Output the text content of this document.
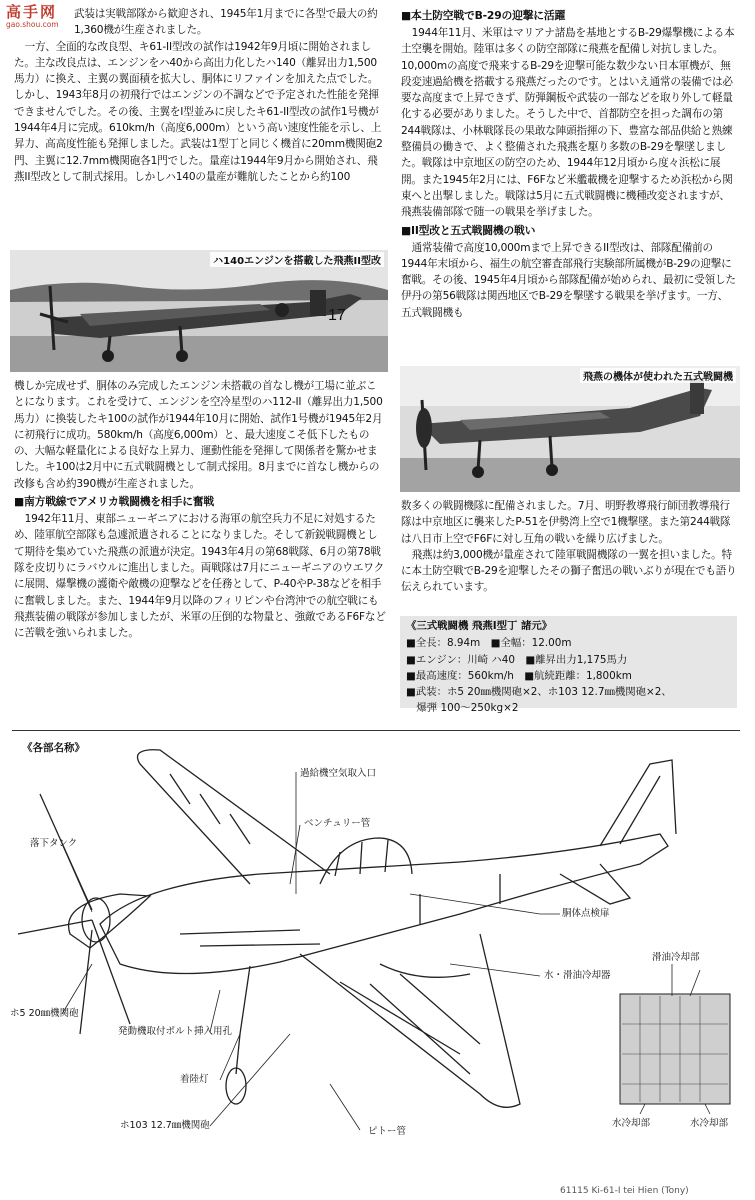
高手网
gao.shou.com

武装は実戦部隊から歓迎され、1945年1月までに各型で最大の約1,360機が生産されました。

一方、全面的な改良型、キ61-II型改の試作は1942年9月頃に開始されました。主な改良点は、エンジンをハ40から高出力化したハ140（離昇出力1,500馬力）に換え、主翼の翼面積を拡大し、胴体にリファインを加えた点でした。しかし、1943年8月の初飛行ではエンジンの不調などで予定された性能を発揮できませんでした。その後、主翼をI型並みに戻したキ61-II型改の試作1号機が1944年4月に完成。610km/h（高度6,000m）という高い速度性能を示し、上昇力、高高度性能も発揮しました。武装は1型丁と同じく機首に20mm機関砲2門、主翼に12.7mm機関砲各1門でした。量産は1944年9月から開始され、飛燕II型改として制式採用。しかしハ140の量産が難航したことから約100

17
ハ140エンジンを搭載した飛燕II型改

機しか完成せず、胴体のみ完成したエンジン未搭載の首なし機が工場に並ぶことになります。これを受けて、エンジンを空冷星型のハ112-II（離昇出力1,500馬力）に換装したキ100の試作が1944年10月に開始、試作1号機が1945年2月に初飛行に成功。580km/h（高度6,000m）と、最大速度こそ低下したものの、大幅な軽量化による良好な上昇力、運動性能を発揮して関係者を驚かせました。キ100は2月中に五式戦闘機として制式採用。8月までに首なし機からの改修も含め約390機が生産されました。

■南方戦線でアメリカ戦闘機を相手に奮戦

1942年11月、東部ニューギニアにおける海軍の航空兵力不足に対処するため、陸軍航空部隊も急遽派遣されることになりました。そして新鋭戦闘機として期待を集めていた飛燕の派遣が決定。1943年4月の第68戦隊、6月の第78戦隊を皮切りにラバウルに進出しました。両戦隊は7月にニューギニアのウエワクに展開、爆撃機の護衛や敵機の迎撃などを任務として、P-40やP-38などを相手に奮戦しました。また、1944年9月以降のフィリピンや台湾沖での航空戦にも飛燕装備の戦隊が参加しましたが、米軍の圧倒的な物量と、強敵であるF6Fなどに苦戦を強いられました。

■本土防空戦でB-29の迎撃に活躍

1944年11月、米軍はマリアナ諸島を基地とするB-29爆撃機による本土空襲を開始。陸軍は多くの防空部隊に飛燕を配備し対抗しました。10,000mの高度で飛来するB-29を迎撃可能な数少ない日本軍機が、無段変速過給機を搭載する飛燕だったのです。とはいえ通常の装備では必要な高度まで上昇できず、防弾鋼板や武装の一部などを取り外して軽量化する必要がありました。そうした中で、首都防空を担った調布の第244戦隊は、小林戦隊長の果敢な陣頭指揮の下、豊富な部品供給と熟練整備員の働きで、よく整備された飛燕を駆り多数のB-29を撃墜しました。戦隊は中京地区の防空のため、1944年12月頃から度々浜松に展開。また1945年2月には、F6Fなど米艦載機を迎撃するため浜松から関東へと出撃しました。戦隊は5月に五式戦闘機に機種改変されますが、飛燕装備部隊で随一の戦果を挙げました。

■II型改と五式戦闘機の戦い

通常装備で高度10,000mまで上昇できるII型改は、部隊配備前の1944年末頃から、福生の航空審査部飛行実験部所属機がB-29の迎撃に奮戦。その後、1945年4月頃から部隊配備が始められ、最初に受領した伊丹の第56戦隊は関西地区でB-29を撃墜する戦果を挙げます。一方、五式戦闘機も

飛燕の機体が使われた五式戦闘機

数多くの戦闘機隊に配備されました。7月、明野教導飛行師団教導飛行隊は中京地区に襲来したP-51を伊勢湾上空で1機撃墜。また第244戦隊は八日市上空でF6Fに対し互角の戦いを繰り広げました。

飛燕は約3,000機が量産されて陸軍戦闘機隊の一翼を担いました。特に本土防空戦でB-29を迎撃したその獅子奮迅の戦いぶりが現在でも語り伝えられています。

《三式戦闘機 飛燕I型丁 諸元》
■全長：8.94m　■全幅：12.00m
■エンジン：川崎 ハ40　■離昇出力1,175馬力
■最高速度：560km/h　■航続距離：1,800km
■武装：ホ5 20㎜機関砲×2、ホ103 12.7㎜機関砲×2、
　爆弾 100〜250kg×2
《各部名称》
過給機空気取入口
ベンチュリー管
落下タンク
胴体点検扉
水・滑油冷却器
滑油冷却部
ホ5 20㎜機関砲
発動機取付ボルト挿入用孔
着陸灯
ホ103 12.7㎜機関砲
ピトー管
水冷却部	水冷却部
61115 Ki-61-I tei Hien (Tony)
